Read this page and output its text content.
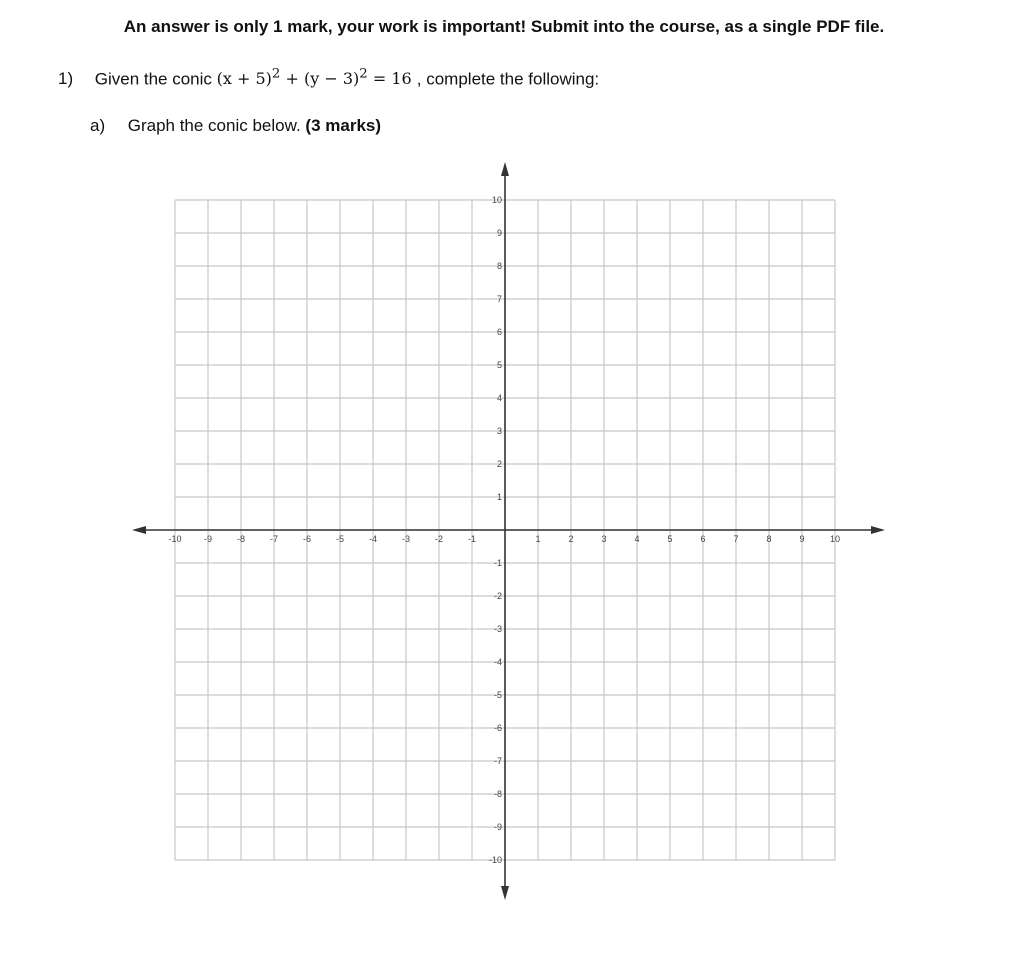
An answer is only 1 mark, your work is important! Submit into the course, as a single PDF file.
1) Given the conic $(x + 5)^2 + (y - 3)^2 = 16$ , complete the following:
a) Graph the conic below. (3 marks)
-10 -9	-8	-7	-6	-5	-4	-3	-2	-1	1	2	3	4	5	6	7	8	9	10
10
9
8
7
6
5
4
3
2
1
-1
-2
-3
-4
-5
-6
-7
-8
-9
-10
